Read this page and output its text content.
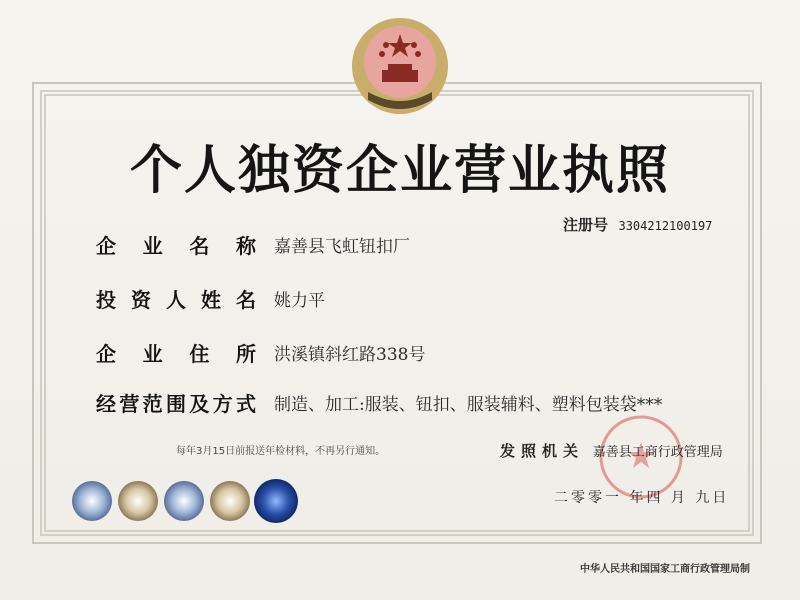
个人独资企业营业执照
注册号 3304212100197
企 业 名 称 嘉善县飞虹钮扣厂
投 资 人 姓 名 姚力平
企 业 住 所 洪溪镇斜红路338号
经 营 范 围 及 方 式 制造、加工:服装、钮扣、服装辅料、塑料包装袋***
每年3月15日前报送年检材料，不再另行通知。	发照机关 嘉善县工商行政管理局
二零零一 年四 月 九日
中华人民共和国国家工商行政管理局制
